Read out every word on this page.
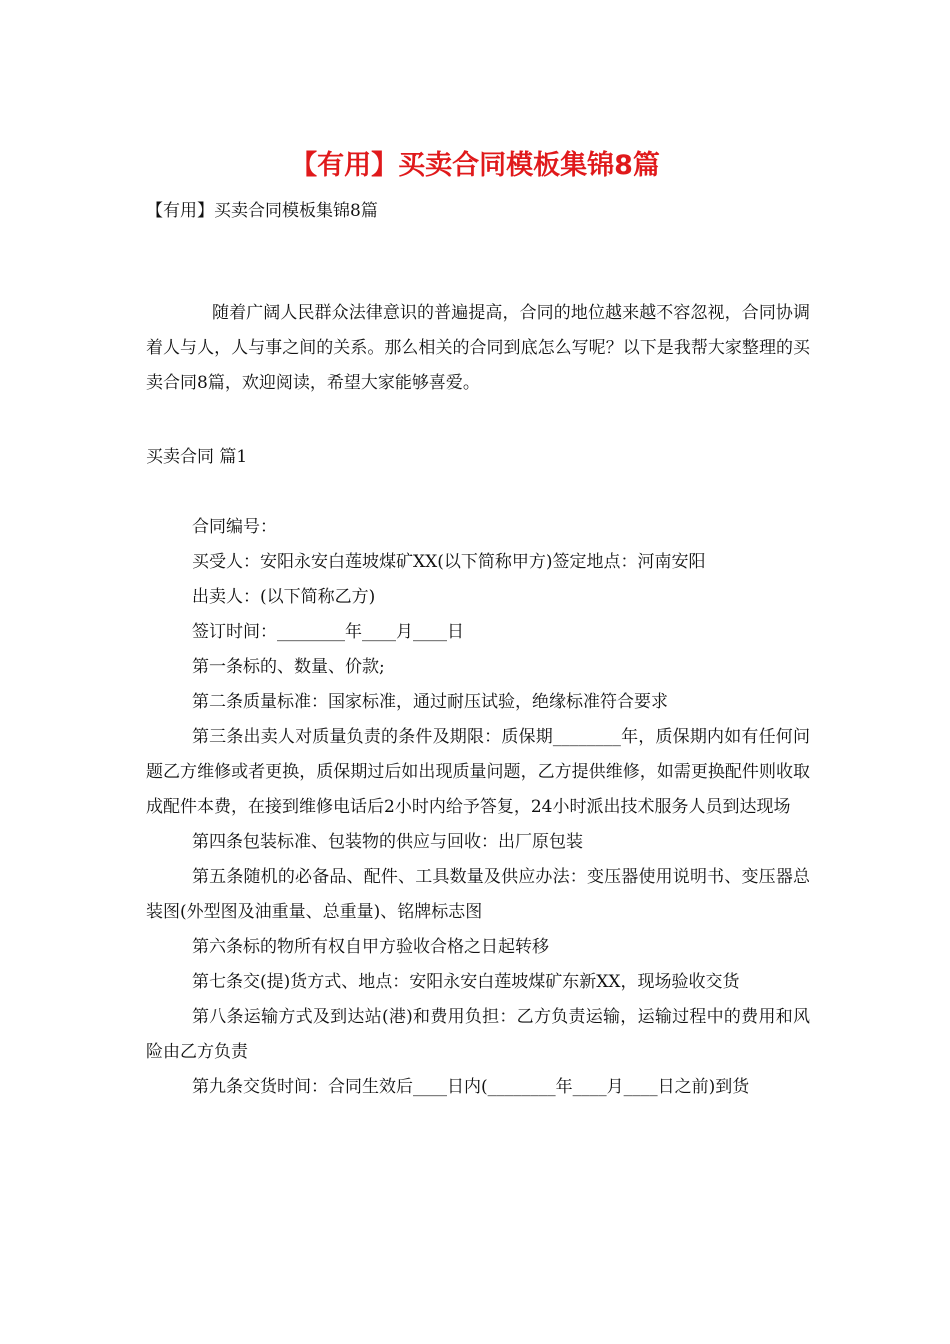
【有用】买卖合同模板集锦8篇
【有用】买卖合同模板集锦8篇
随着广阔人民群众法律意识的普遍提高，合同的地位越来越不容忽视，合同协调着人与人，人与事之间的关系。那么相关的合同到底怎么写呢？以下是我帮大家整理的买卖合同8篇，欢迎阅读，希望大家能够喜爱。
买卖合同 篇1

合同编号：

买受人：安阳永安白莲坡煤矿XX(以下简称甲方)签定地点：河南安阳

出卖人：(以下简称乙方)

签订时间：________年____月____日

第一条标的、数量、价款;

第二条质量标准：国家标准，通过耐压试验，绝缘标准符合要求

第三条出卖人对质量负责的条件及期限：质保期________年，质保期内如有任何问题乙方维修或者更换，质保期过后如出现质量问题，乙方提供维修，如需更换配件则收取成配件本费，在接到维修电话后2小时内给予答复，24小时派出技术服务人员到达现场

第四条包装标准、包装物的供应与回收：出厂原包装

第五条随机的必备品、配件、工具数量及供应办法：变压器使用说明书、变压器总装图(外型图及油重量、总重量)、铭牌标志图

第六条标的物所有权自甲方验收合格之日起转移

第七条交(提)货方式、地点：安阳永安白莲坡煤矿东新XX，现场验收交货

第八条运输方式及到达站(港)和费用负担：乙方负责运输，运输过程中的费用和风险由乙方负责

第九条交货时间：合同生效后____日内(________年____月____日之前)到货
